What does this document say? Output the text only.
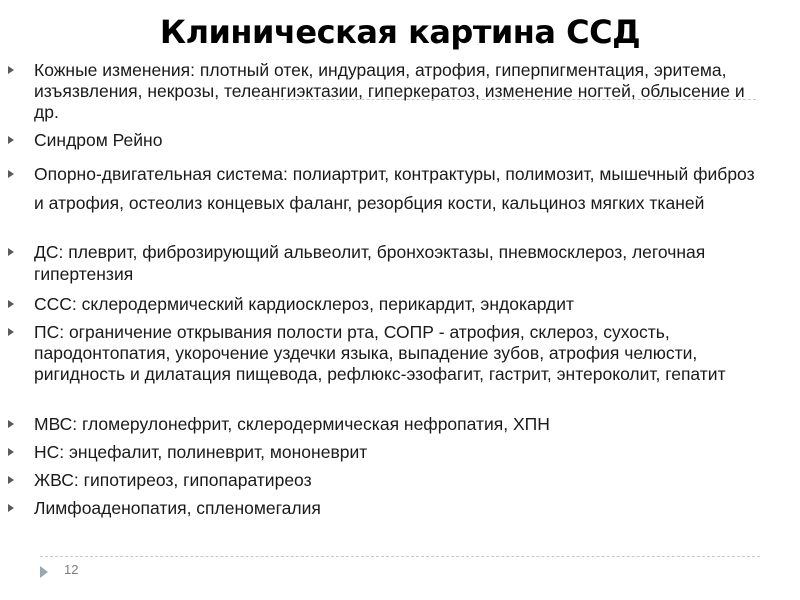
Клиническая картина ССД
Кожные изменения: плотный отек, индурация, атрофия, гиперпигментация, эритема, изъязвления, некрозы, телеангиэктазии, гиперкератоз, изменение ногтей, облысение и др.
Синдром Рейно
Опорно-двигательная система: полиартрит, контрактуры, полимозит, мышечный фиброз и атрофия, остеолиз концевых фаланг, резорбция кости, кальциноз мягких тканей
ДС: плеврит, фиброзирующий альвеолит, бронхоэктазы, пневмосклероз, легочная гипертензия
ССС: склеродермический кардиосклероз, перикардит, эндокардит
ПС: ограничение открывания полости рта, СОПР - атрофия, склероз, сухость, пародонтопатия, укорочение уздечки языка, выпадение зубов, атрофия челюсти, ригидность и дилатация пищевода, рефлюкс-эзофагит, гастрит, энтероколит, гепатит
МВС: гломерулонефрит, склеродермическая нефропатия, ХПН
НС: энцефалит, полиневрит, мононеврит
ЖВС: гипотиреоз, гипопаратиреоз
Лимфоаденопатия, спленомегалия
12
